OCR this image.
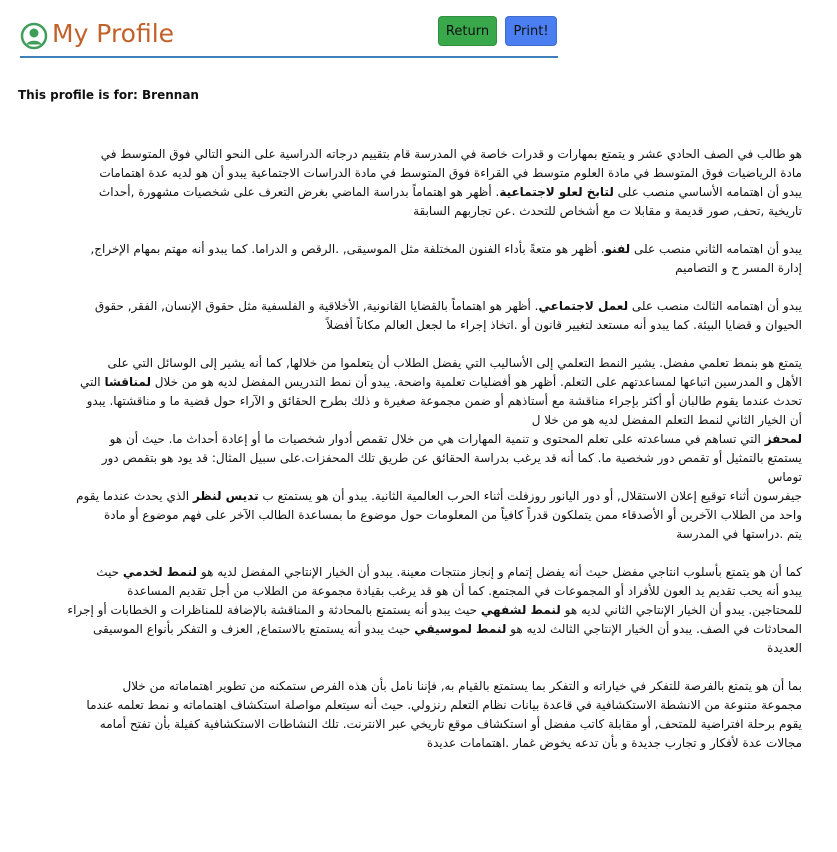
My Profile	Return	Print!
This profile is for: Brennan

هو طالب في الصف الحادي عشر و يتمتع بمهارات و قدرات خاصة في المدرسة قام بتقييم درجاته الدراسية على النحو التالي فوق المتوسط في
مادة الرياضيات فوق المتوسط في مادة العلوم متوسط في القراءة فوق المتوسط في مادة الدراسات الاجتماعية يبدو أن هو لديه عدة اهتمامات
يبدو أن اهتمامه الأساسي منصب على لتابخ لعلو لاجتماعية. أظهر هو اهتماماً بدراسة الماضي بغرض التعرف على شخصيات مشهورة ,أحداث
تاريخية ,تحف, صور قديمة و مقابلا ت مع أشخاص للتحدث .عن تجاربهم السابقة

يبدو أن اهتمامه الثاني منصب على لفنو. أظهر هو متعةً بأداء الفنون المختلفة مثل الموسيقى, .الرقص و الدراما. كما يبدو أنه مهتم بمهام الإخراج,
إدارة المسر ح و التصاميم

يبدو أن اهتمامه الثالث منصب على لعمل لاجتماعي. أظهر هو اهتماماً بالقضايا القانونية, الأخلاقية و الفلسفية مثل حقوق الإنسان, الفقر, حقوق
الحيوان و قضايا البيئة. كما يبدو أنه مستعد لتغيير قانون أو .اتخاذ إجراء ما لجعل العالم مكاناً أفضلاً

يتمتع هو بنمط تعلمي مفضل. يشير النمط التعلمي إلى الأساليب التي يفضل الطلاب أن يتعلموا من خلالها, كما أنه يشير إلى الوسائل التي على
الأهل و المدرسين اتباعها لمساعدتهم على التعلم. أظهر هو أفضليات تعلمية واضحة. يبدو أن نمط التدريس المفضل لديه هو من خلال لمناقشا التي
تحدث عندما يقوم طالبان أو أكثر بإجراء مناقشة مع أستاذهم أو ضمن مجموعة صغيرة و ذلك بطرح الحقائق و الآراء حول قضية ما و مناقشتها. يبدو
أن الخيار الثاني لنمط التعلم المفضل لديه هو من خلا ل
لمحفز التي تساهم في مساعدته على تعلم المحتوى و تنمية المهارات هي من خلال تقمص أدوار شخصيات ما أو إعادة أحداث ما. حيث أن هو
يستمتع بالتمثيل أو تقمص دور شخصية ما. كما أنه قد يرغب بدراسة الحقائق عن طريق تلك المحفزات.على سبيل المثال: قد يود هو بتقمص دور
توماس
جيفرسون أثناء توقيع إعلان الاستقلال, أو دور اليانور روزفلت أثناء الحرب العالمية الثانية. يبدو أن هو يستمتع ب تديس لنظر الذي يحدث عندما يقوم
واحد من الطلاب الآخرين أو الأصدقاء ممن يتملكون قدراً كافياً من المعلومات حول موضوع ما بمساعدة الطالب الآخر على فهم موضوع أو مادة
يتم .دراستها في المدرسة

كما أن هو يتمتع بأسلوب انتاجي مفضل حيث أنه يفضل إتمام و إنجاز منتجات معينة. يبدو أن الخيار الإنتاجي المفضل لديه هو لنمط لخدمي حيث
يبدو أنه يحب تقديم يد العون للأفراد أو المجموعات في المجتمع. كما أن هو قد يرغب بقيادة مجموعة من الطلاب من أجل تقديم المساعدة
للمحتاجين. يبدو أن الخيار الإنتاجي الثاني لديه هو لنمط لشفهي حيث يبدو أنه يستمتع بالمحادثة و المناقشة بالإضافة للمناظرات و الخطابات أو إجراء
المحادثات في الصف. يبدو أن الخيار الإنتاجي الثالث لديه هو لنمط لموسيقي حيث يبدو أنه يستمتع بالاستماع, العزف و التفكر بأنواع الموسيقى
العديدة

بما أن هو يتمتع بالفرصة للتفكر في خياراته و التفكر بما يستمتع بالقيام به, فإننا نامل بأن هذه الفرص ستمكنه من تطوير اهتماماته من خلال
مجموعة متنوعة من الانشطة الاستكشافية في قاعدة بيانات نظام التعلم رنزولي. حيث أنه سيتعلم مواصلة استكشاف اهتماماته و نمط تعلمه عندما
يقوم برحلة افتراضية للمتحف, أو مقابلة كاتب مفضل أو استكشاف موقع تاريخي عبر الانترنت. تلك النشاطات الاستكشافية كفيلة بأن تفتح أمامه
مجالات عدة لأفكار و تجارب جديدة و بأن تدعه يخوض غمار .اهتمامات عديدة
